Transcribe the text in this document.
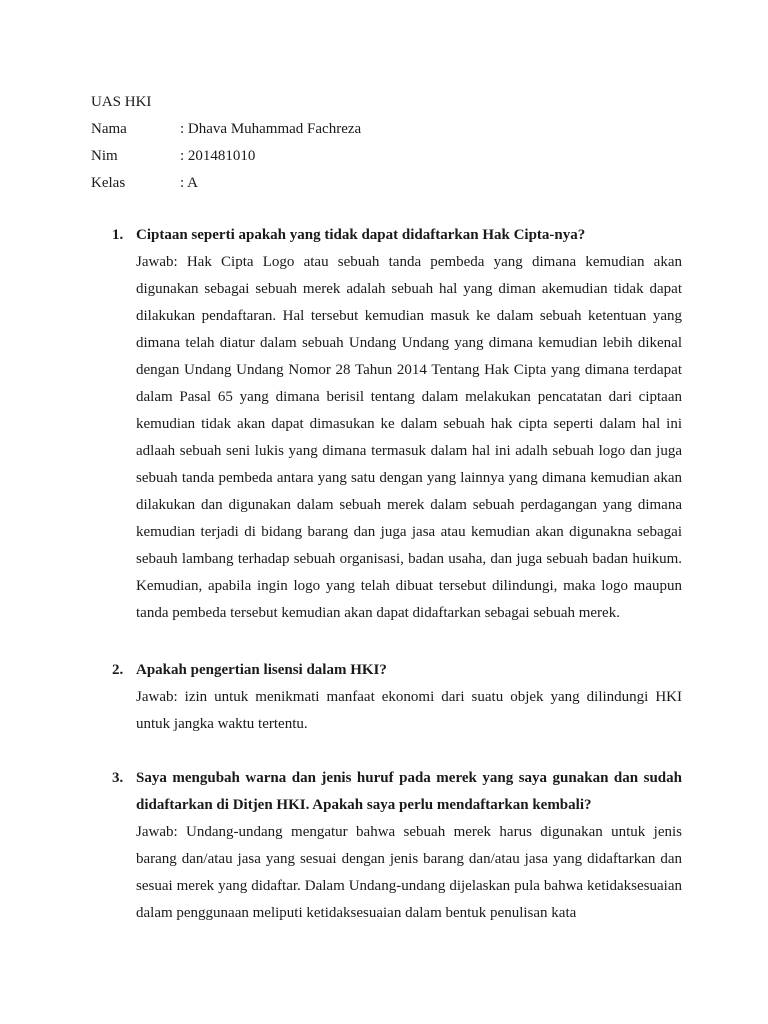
UAS HKI
Nama	: Dhava Muhammad Fachreza
Nim	: 201481010
Kelas	: A
1. Ciptaan seperti apakah yang tidak dapat didaftarkan Hak Cipta-nya?
Jawab: Hak Cipta Logo atau sebuah tanda pembeda yang dimana kemudian akan digunakan sebagai sebuah merek adalah sebuah hal yang diman akemudian tidak dapat dilakukan pendaftaran. Hal tersebut kemudian masuk ke dalam sebuah ketentuan yang dimana telah diatur dalam sebuah Undang Undang yang dimana kemudian lebih dikenal dengan Undang Undang Nomor 28 Tahun 2014 Tentang Hak Cipta yang dimana terdapat dalam Pasal 65 yang dimana berisil tentang dalam melakukan pencatatan dari ciptaan kemudian tidak akan dapat dimasukan ke dalam sebuah hak cipta seperti dalam hal ini adlaah sebuah seni lukis yang dimana termasuk dalam hal ini adalh sebuah logo dan juga sebuah tanda pembeda antara yang satu dengan yang lainnya yang dimana kemudian akan dilakukan dan digunakan dalam sebuah merek dalam sebuah perdagangan yang dimana kemudian terjadi di bidang barang dan juga jasa atau kemudian akan digunakna sebagai sebauh lambang terhadap sebuah organisasi, badan usaha, dan juga sebuah badan huikum. Kemudian, apabila ingin logo yang telah dibuat tersebut dilindungi, maka logo maupun tanda pembeda tersebut kemudian akan dapat didaftarkan sebagai sebuah merek.
2. Apakah pengertian lisensi dalam HKI?
Jawab: izin untuk menikmati manfaat ekonomi dari suatu objek yang dilindungi HKI untuk jangka waktu tertentu.
3. Saya mengubah warna dan jenis huruf pada merek yang saya gunakan dan sudah didaftarkan di Ditjen HKI. Apakah saya perlu mendaftarkan kembali?
Jawab: Undang-undang mengatur bahwa sebuah merek harus digunakan untuk jenis barang dan/atau jasa yang sesuai dengan jenis barang dan/atau jasa yang didaftarkan dan sesuai merek yang didaftar. Dalam Undang-undang dijelaskan pula bahwa ketidaksesuaian dalam penggunaan meliputi ketidaksesuaian dalam bentuk penulisan kata
